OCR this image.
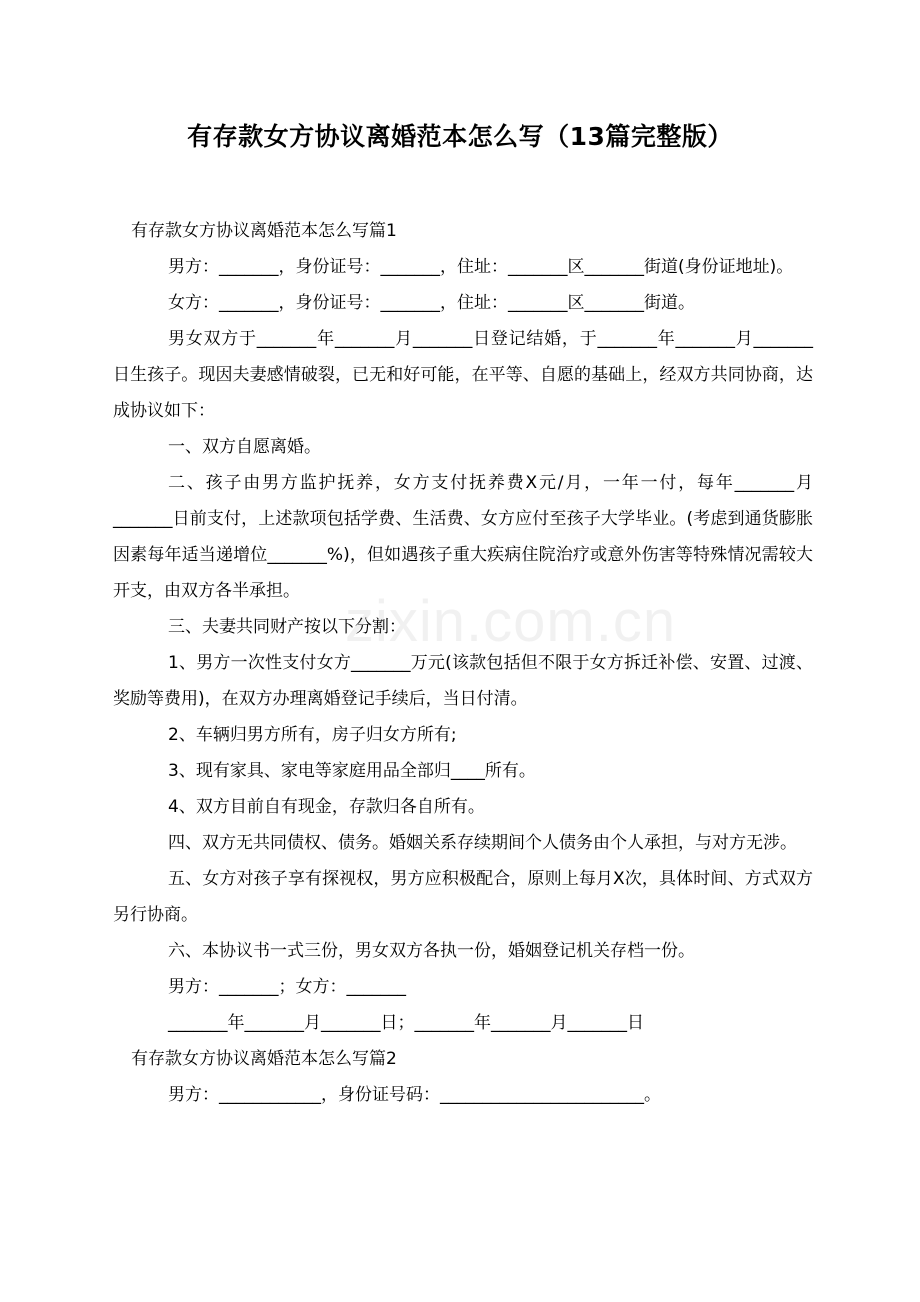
有存款女方协议离婚范本怎么写（13篇完整版）

有存款女方协议离婚范本怎么写篇1

男方：_______，身份证号：_______，住址：_______区_______街道(身份证地址)。

女方：_______，身份证号：_______，住址：_______区_______街道。

男女双方于_______年_______月_______日登记结婚，于_______年_______月_______日生孩子。现因夫妻感情破裂，已无和好可能，在平等、自愿的基础上，经双方共同协商，达成协议如下：

一、双方自愿离婚。

二、孩子由男方监护抚养，女方支付抚养费X元/月，一年一付，每年_______月_______日前支付，上述款项包括学费、生活费、女方应付至孩子大学毕业。(考虑到通货膨胀因素每年适当递增位_______%)，但如遇孩子重大疾病住院治疗或意外伤害等特殊情况需较大开支，由双方各半承担。

三、夫妻共同财产按以下分割：

1、男方一次性支付女方_______万元(该款包括但不限于女方拆迁补偿、安置、过渡、奖励等费用)，在双方办理离婚登记手续后，当日付清。

2、车辆归男方所有，房子归女方所有;

3、现有家具、家电等家庭用品全部归____所有。

4、双方目前自有现金，存款归各自所有。

四、双方无共同债权、债务。婚姻关系存续期间个人债务由个人承担，与对方无涉。

五、女方对孩子享有探视权，男方应积极配合，原则上每月X次，具体时间、方式双方另行协商。

六、本协议书一式三份，男女双方各执一份，婚姻登记机关存档一份。

男方：_______；女方：_______

_______年_______月_______日；_______年_______月_______日

有存款女方协议离婚范本怎么写篇2

男方：____________，身份证号码：________________________。

zixin.com.cn
